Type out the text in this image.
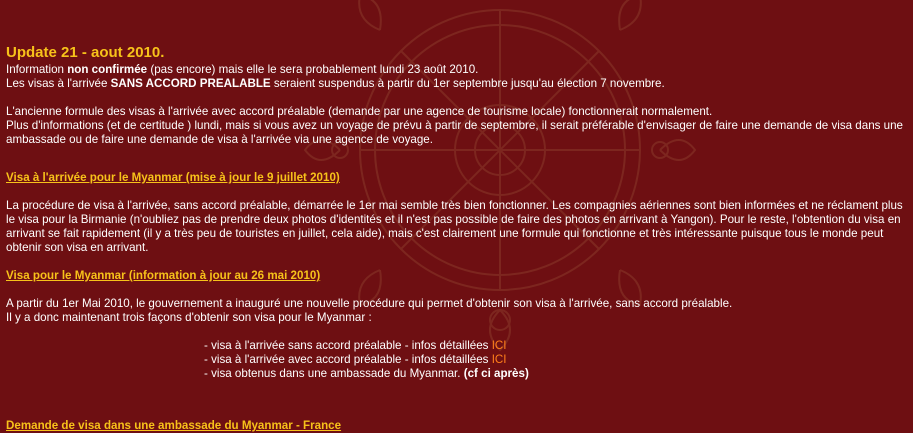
Update 21 - aout 2010.

Information non confirmée (pas encore) mais elle le sera probablement lundi 23 août 2010.

Les visas à l'arrivée SANS ACCORD PREALABLE seraient suspendus à partir du 1er septembre jusqu'au élection 7 novembre.

L'ancienne formule des visas à l'arrivée avec accord préalable (demande par une agence de tourisme locale) fonctionnerait normalement.

Plus d'informations (et de certitude ) lundi, mais si vous avez un voyage de prévu à partir de septembre, il serait préférable d'envisager de faire une demande de visa dans une ambassade ou de faire une demande de visa à l'arrivée via une agence de voyage.

Visa à l'arrivée pour le Myanmar (mise à jour le 9 juillet 2010)

La procédure de visa à l'arrivée, sans accord préalable, démarrée le 1er mai semble très bien fonctionner. Les compagnies aériennes sont bien informées et ne réclament plus le visa pour la Birmanie (n'oubliez pas de prendre deux photos d'identités et il n'est pas possible de faire des photos en arrivant à Yangon). Pour le reste, l'obtention du visa en arrivant se fait rapidement (il y a très peu de touristes en juillet, cela aide), mais c'est clairement une formule qui fonctionne et très intéressante puisque tous le monde peut obtenir son visa en arrivant.

Visa pour le Myanmar (information à jour au 26 mai 2010)

A partir du 1er Mai 2010, le gouvernement a inauguré une nouvelle procédure qui permet d'obtenir son visa à l'arrivée, sans accord préalable.

Il y a donc maintenant trois façons d'obtenir son visa pour le Myanmar :

- visa à l'arrivée sans accord préalable - infos détaillées ICI

- visa à l'arrivée avec accord préalable - infos détaillées ICI

- visa obtenus dans une ambassade du Myanmar. (cf ci après)

Demande de visa dans une ambassade du Myanmar - France
